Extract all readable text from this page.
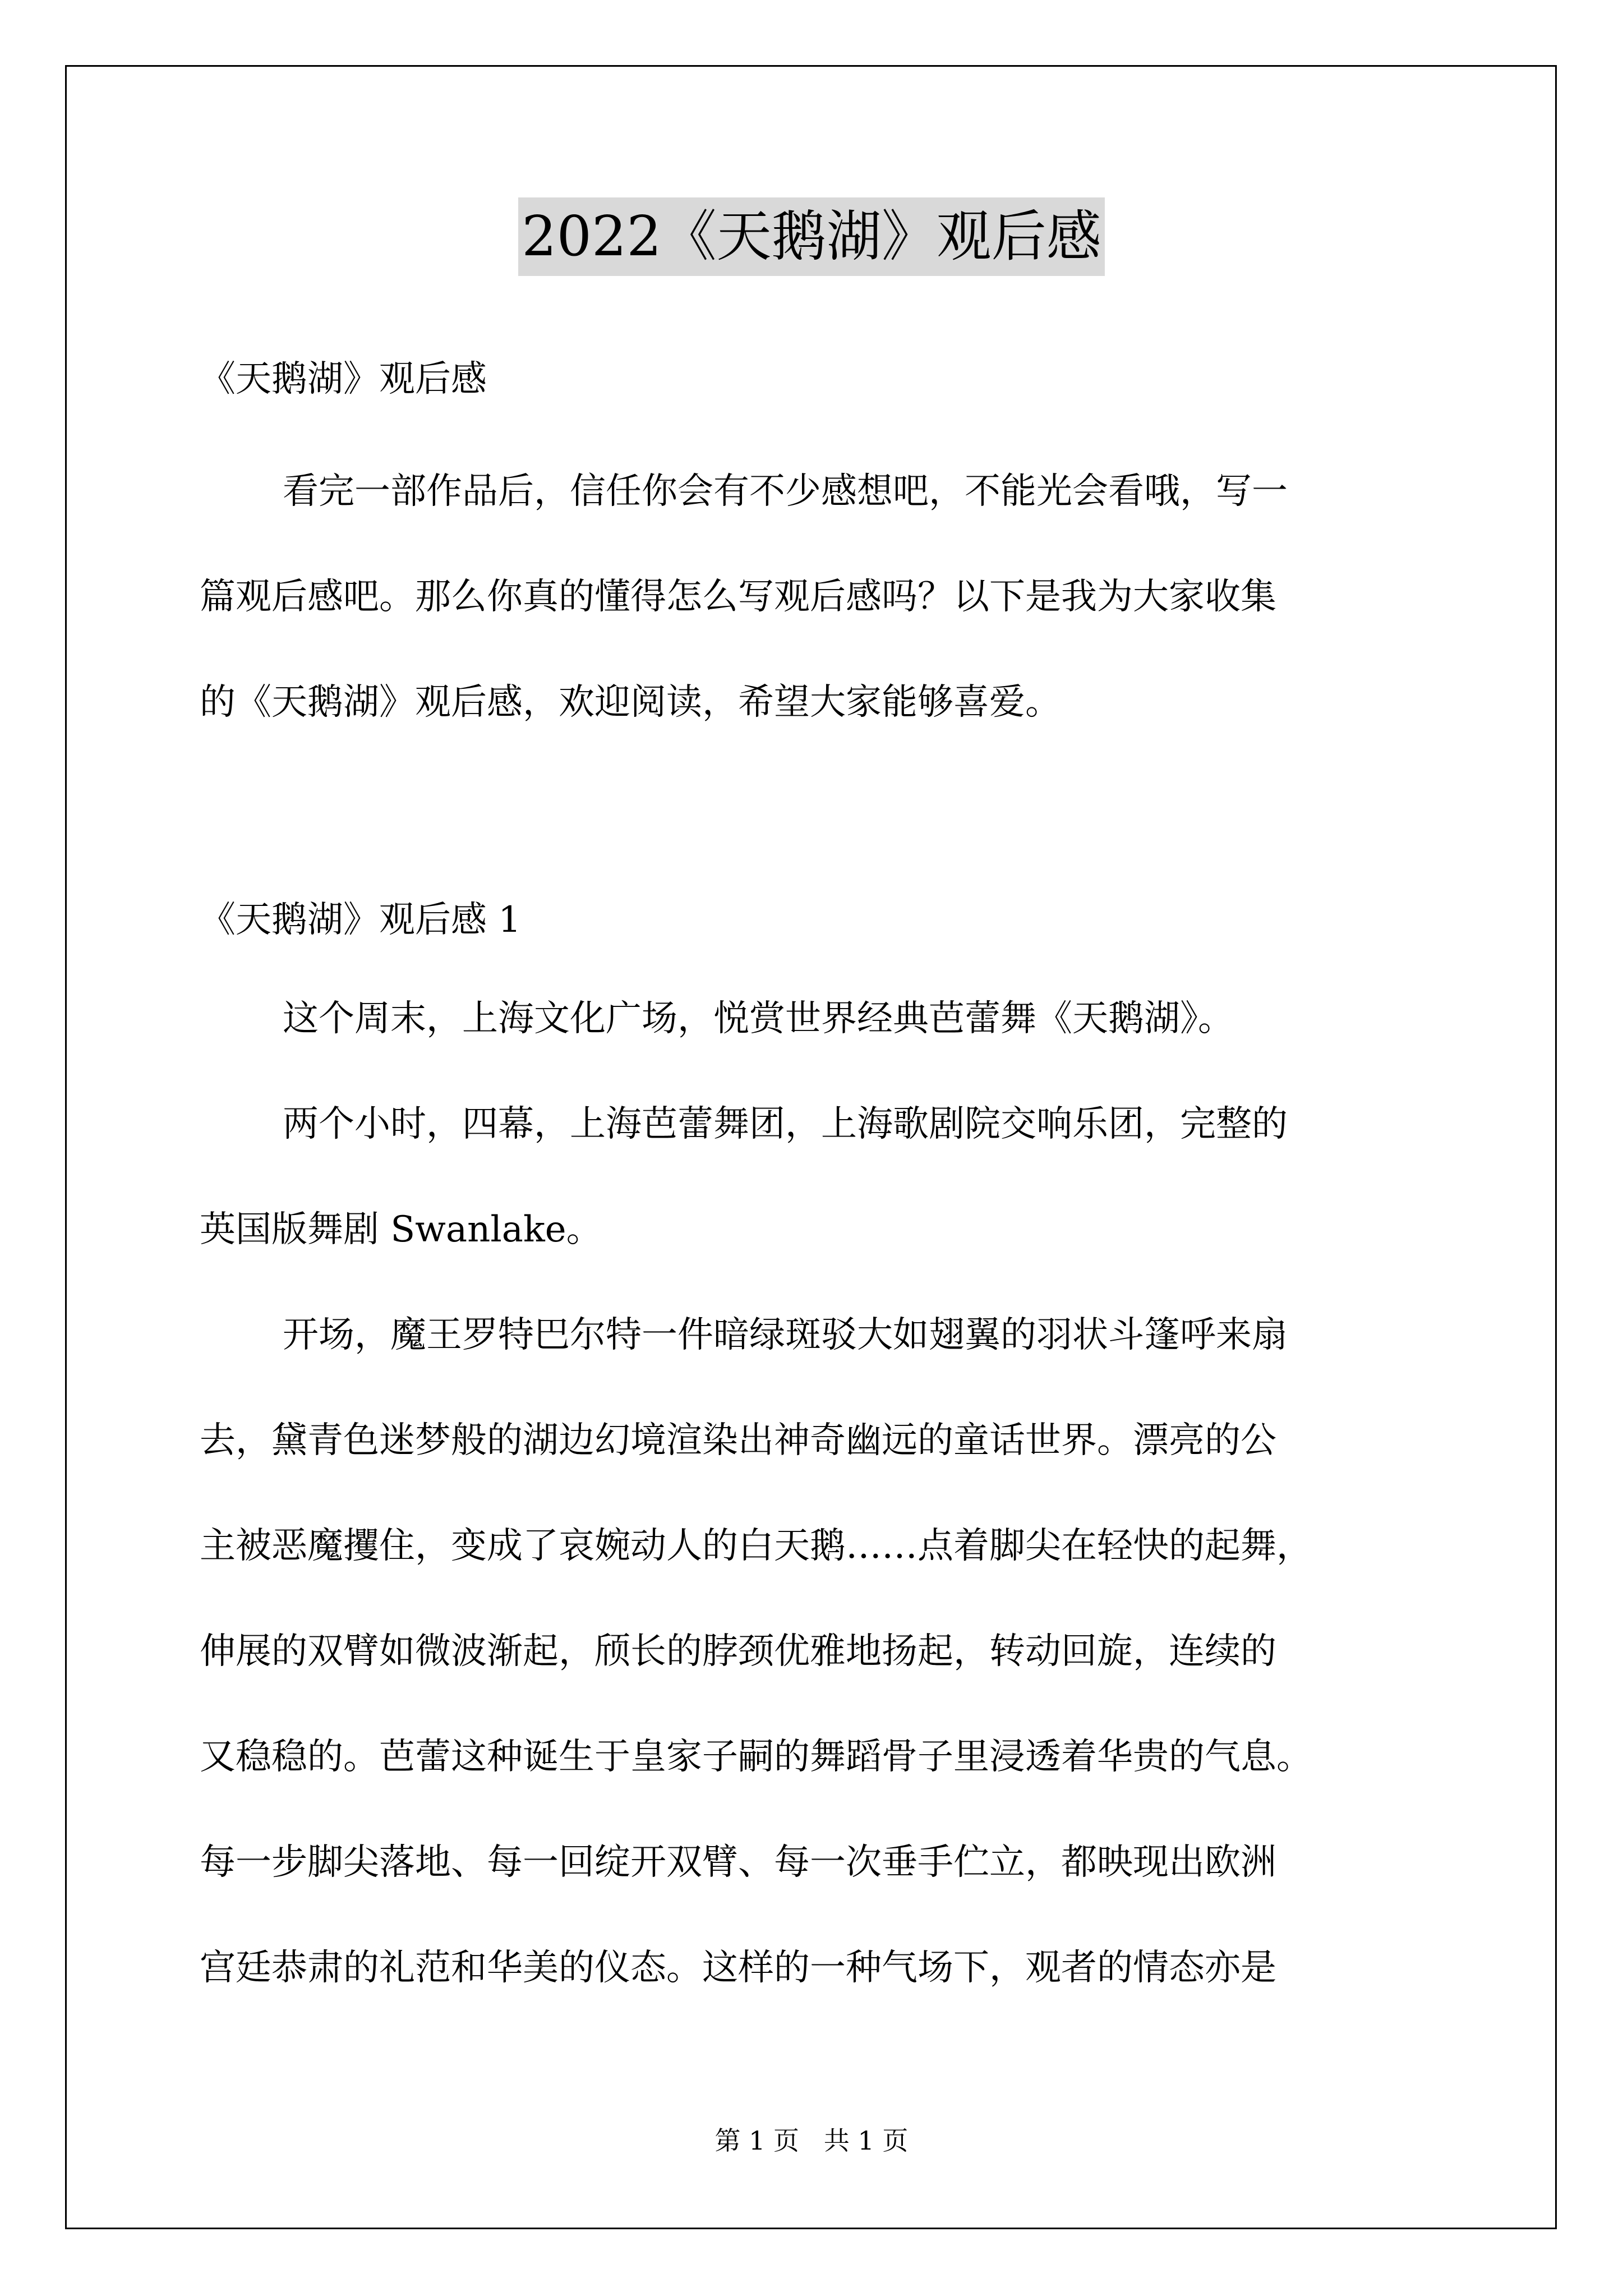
2022《天鹅湖》观后感
《天鹅湖》观后感
看完一部作品后，信任你会有不少感想吧，不能光会看哦，写一
篇观后感吧。那么你真的懂得怎么写观后感吗？以下是我为大家收集
的《天鹅湖》观后感，欢迎阅读，希望大家能够喜爱。
《天鹅湖》观后感 1
这个周末，上海文化广场，悦赏世界经典芭蕾舞《天鹅湖》。
两个小时，四幕，上海芭蕾舞团，上海歌剧院交响乐团，完整的
英国版舞剧 Swanlake。
开场，魔王罗特巴尔特一件暗绿斑驳大如翅翼的羽状斗篷呼来扇
去，黛青色迷梦般的湖边幻境渲染出神奇幽远的童话世界。漂亮的公
主被恶魔攫住，变成了哀婉动人的白天鹅……点着脚尖在轻快的起舞，
伸展的双臂如微波渐起，颀长的脖颈优雅地扬起，转动回旋，连续的
又稳稳的。芭蕾这种诞生于皇家子嗣的舞蹈骨子里浸透着华贵的气息。
每一步脚尖落地、每一回绽开双臂、每一次垂手伫立，都映现出欧洲
宫廷恭肃的礼范和华美的仪态。这样的一种气场下，观者的情态亦是
第 1 页   共 1 页
